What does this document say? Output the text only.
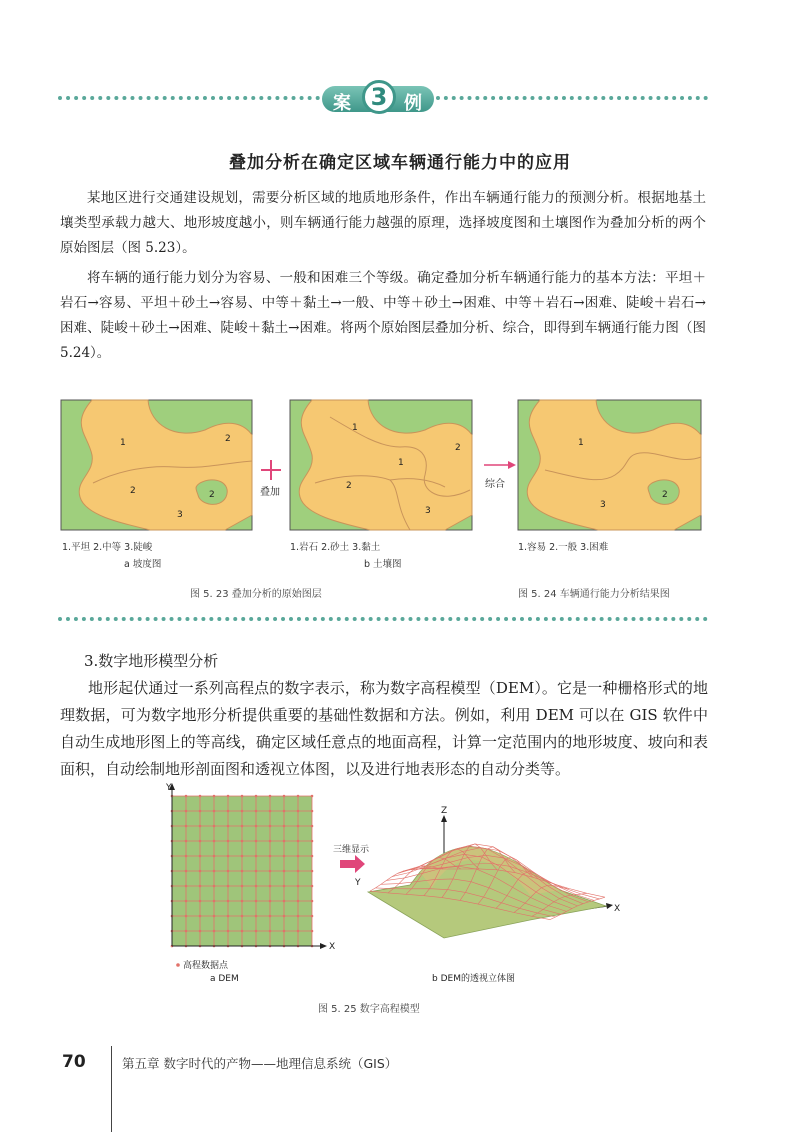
案 3 例
叠加分析在确定区域车辆通行能力中的应用
某地区进行交通建设规划，需要分析区域的地质地形条件，作出车辆通行能力的预测分析。根据地基土壤类型承载力越大、地形坡度越小，则车辆通行能力越强的原理，选择坡度图和土壤图作为叠加分析的两个原始图层（图 5.23）。
将车辆的通行能力划分为容易、一般和困难三个等级。确定叠加分析车辆通行能力的基本方法：平坦＋岩石→容易、平坦＋砂土→容易、中等＋黏土→一般、中等＋砂土→困难、中等＋岩石→困难、陡峻＋岩石→困难、陡峻＋砂土→困难、陡峻＋黏土→困难。将两个原始图层叠加分析、综合，即得到车辆通行能力图（图 5.24）。
1	2
2
3
2	叠加
1
1
2
2
3
综合
1
3
2
1.平坦 2.中等 3.陡峻
a 坡度图
1.岩石 2.砂土 3.黏土
b 土壤图
1.容易 2.一般 3.困难
图 5. 23 叠加分析的原始图层	图 5. 24 车辆通行能力分析结果图
3.数字地形模型分析
地形起伏通过一系列高程点的数字表示，称为数字高程模型（DEM）。它是一种栅格形式的地理数据，可为数字地形分析提供重要的基础性数据和方法。例如，利用 DEM 可以在 GIS 软件中自动生成地形图上的等高线，确定区域任意点的地面高程，计算一定范围内的地形坡度、坡向和表面积，自动绘制地形剖面图和透视立体图，以及进行地表形态的自动分类等。
Y
X
高程数据点
a DEM
三维显示
Z
Y
X
b DEM的透视立体图
图 5. 25 数字高程模型
70	第五章 数字时代的产物——地理信息系统（GIS）
